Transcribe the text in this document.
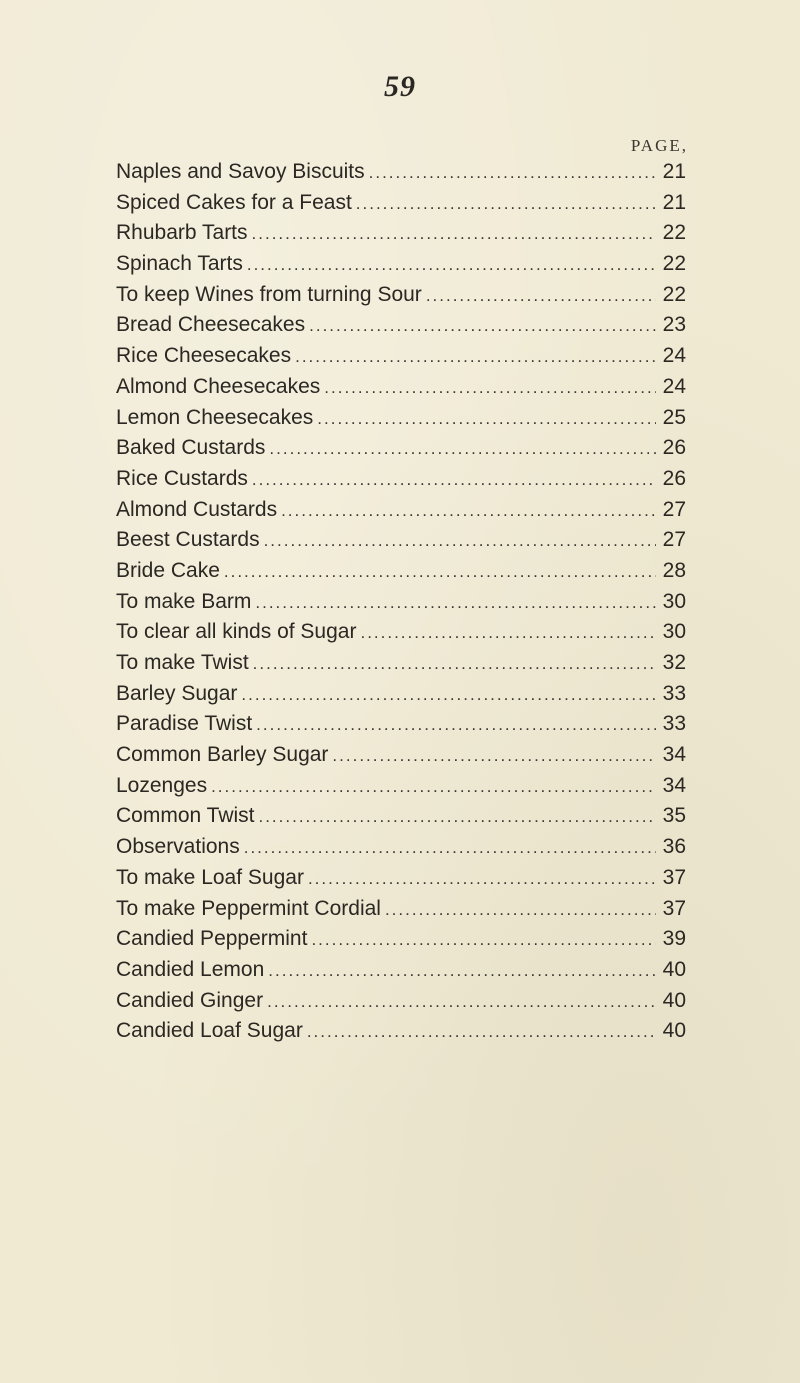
59
PAGE,
Naples and Savoy Biscuits .....	21
Spiced Cakes for a Feast .....	21
Rhubarb Tarts .....	22
Spinach Tarts .....	22
To keep Wines from turning Sour .....	22
Bread Cheesecakes .....	23
Rice Cheesecakes .....	24
Almond Cheesecakes .....	24
Lemon Cheesecakes .....	25
Baked Custards .....	26
Rice Custards .....	26
Almond Custards .....	27
Beest Custards .....	27
Bride Cake .....	28
To make Barm .....	30
To clear all kinds of Sugar .....	30
To make Twist .....	32
Barley Sugar .....	33
Paradise Twist .....	33
Common Barley Sugar .....	34
Lozenges .....	34
Common Twist .....	35
Observations .....	36
To make Loaf Sugar .....	37
To make Peppermint Cordial .....	37
Candied Peppermint .....	39
Candied Lemon .....	40
Candied Ginger .....	40
Candied Loaf Sugar .....	40
